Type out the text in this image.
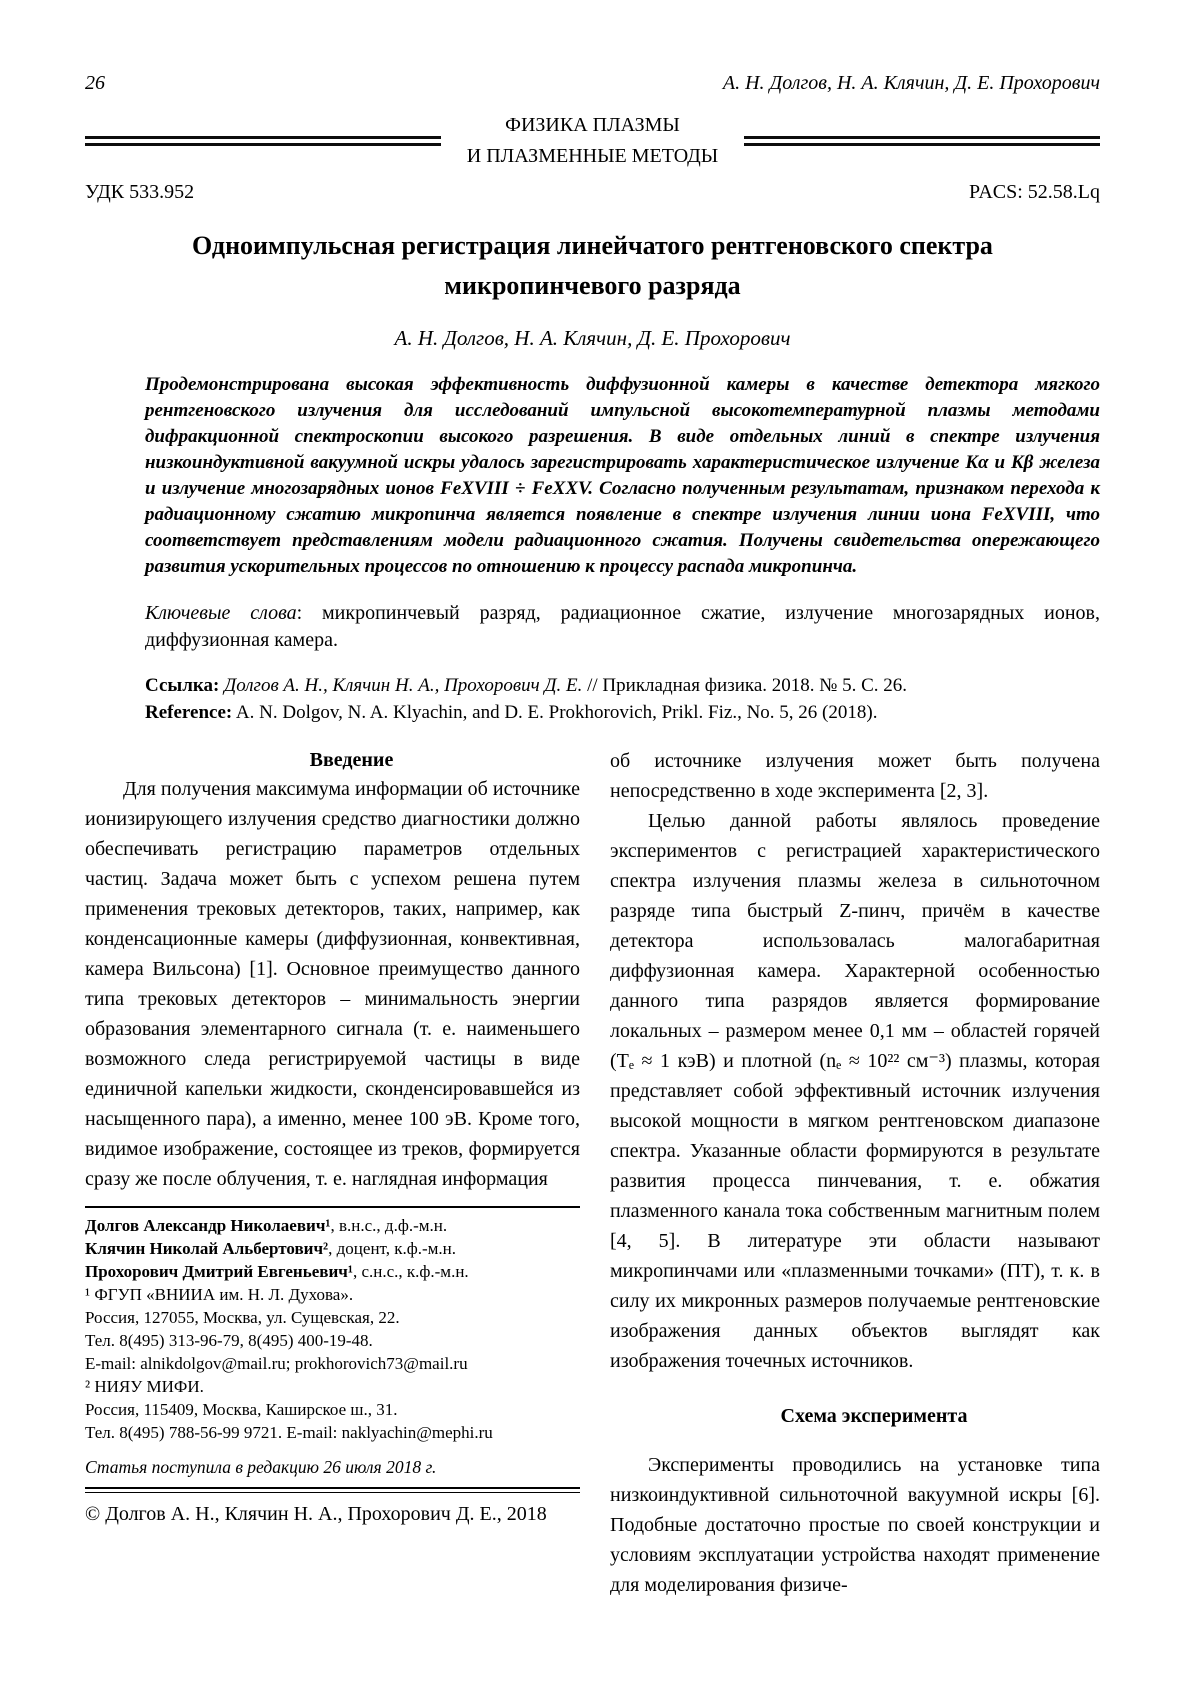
26	А. Н. Долгов, Н. А. Клячин, Д. Е. Прохорович
ФИЗИКА ПЛАЗМЫ
И ПЛАЗМЕННЫЕ МЕТОДЫ
УДК 533.952	PACS: 52.58.Lq
Одноимпульсная регистрация линейчатого рентгеновского спектра микропинчевого разряда
А. Н. Долгов, Н. А. Клячин, Д. Е. Прохорович

Продемонстрирована высокая эффективность диффузионной камеры в качестве детектора мягкого рентгеновского излучения для исследований импульсной высокотемпературной плазмы методами дифракционной спектроскопии высокого разрешения. В виде отдельных линий в спектре излучения низкоиндуктивной вакуумной искры удалось зарегистрировать характеристическое излучение Kα и Kβ железа и излучение многозарядных ионов FeXVIII ÷ FeXXV. Согласно полученным результатам, признаком перехода к радиационному сжатию микропинча является появление в спектре излучения линии иона FeXVIII, что соответствует представлениям модели радиационного сжатия. Получены свидетельства опережающего развития ускорительных процессов по отношению к процессу распада микропинча.

Ключевые слова: микропинчевый разряд, радиационное сжатие, излучение многозарядных ионов, диффузионная камера.

Ссылка: Долгов А. Н., Клячин Н. А., Прохорович Д. Е. // Прикладная физика. 2018. № 5. С. 26.
Reference: A. N. Dolgov, N. A. Klyachin, and D. E. Prokhorovich, Prikl. Fiz., No. 5, 26 (2018).

Введение

Для получения максимума информации об источнике ионизирующего излучения средство диагностики должно обеспечивать регистрацию параметров отдельных частиц. Задача может быть с успехом решена путем применения трековых детекторов, таких, например, как конденсационные камеры (диффузионная, конвективная, камера Вильсона) [1]. Основное преимущество данного типа трековых детекторов – минимальность энергии образования элементарного сигнала (т. е. наименьшего возможного следа регистрируемой частицы в виде единичной капельки жидкости, сконденсировавшейся из насыщенного пара), а именно, менее 100 эВ. Кроме того, видимое изображение, состоящее из треков, формируется сразу же после облучения, т. е. наглядная информация

Долгов Александр Николаевич¹, в.н.с., д.ф.-м.н.
Клячин Николай Альбертович², доцент, к.ф.-м.н.
Прохорович Дмитрий Евгеньевич¹, с.н.с., к.ф.-м.н.
¹ ФГУП «ВНИИА им. Н. Л. Духова».
Россия, 127055, Москва, ул. Сущевская, 22.
Тел. 8(495) 313-96-79, 8(495) 400-19-48.
E-mail: alnikdolgov@mail.ru; prokhorovich73@mail.ru
² НИЯУ МИФИ.
Россия, 115409, Москва, Каширское ш., 31.
Тел. 8(495) 788-56-99 9721. E-mail: naklyachin@mephi.ru
Статья поступила в редакцию 26 июля 2018 г.
© Долгов А. Н., Клячин Н. А., Прохорович Д. Е., 2018

об источнике излучения может быть получена непосредственно в ходе эксперимента [2, 3].

Целью данной работы являлось проведение экспериментов с регистрацией характеристического спектра излучения плазмы железа в сильноточном разряде типа быстрый Z-пинч, причём в качестве детектора использовалась малогабаритная диффузионная камера. Характерной особенностью данного типа разрядов является формирование локальных – размером менее 0,1 мм – областей горячей (Tₑ ≈ 1 кэВ) и плотной (nₑ ≈ 10²² см⁻³) плазмы, которая представляет собой эффективный источник излучения высокой мощности в мягком рентгеновском диапазоне спектра. Указанные области формируются в результате развития процесса пинчевания, т. е. обжатия плазменного канала тока собственным магнитным полем [4, 5]. В литературе эти области называют микропинчами или «плазменными точками» (ПТ), т. к. в силу их микронных размеров получаемые рентгеновские изображения данных объектов выглядят как изображения точечных источников.

Схема эксперимента

Эксперименты проводились на установке типа низкоиндуктивной сильноточной вакуумной искры [6]. Подобные достаточно простые по своей конструкции и условиям эксплуатации устройства находят применение для моделирования физиче-
